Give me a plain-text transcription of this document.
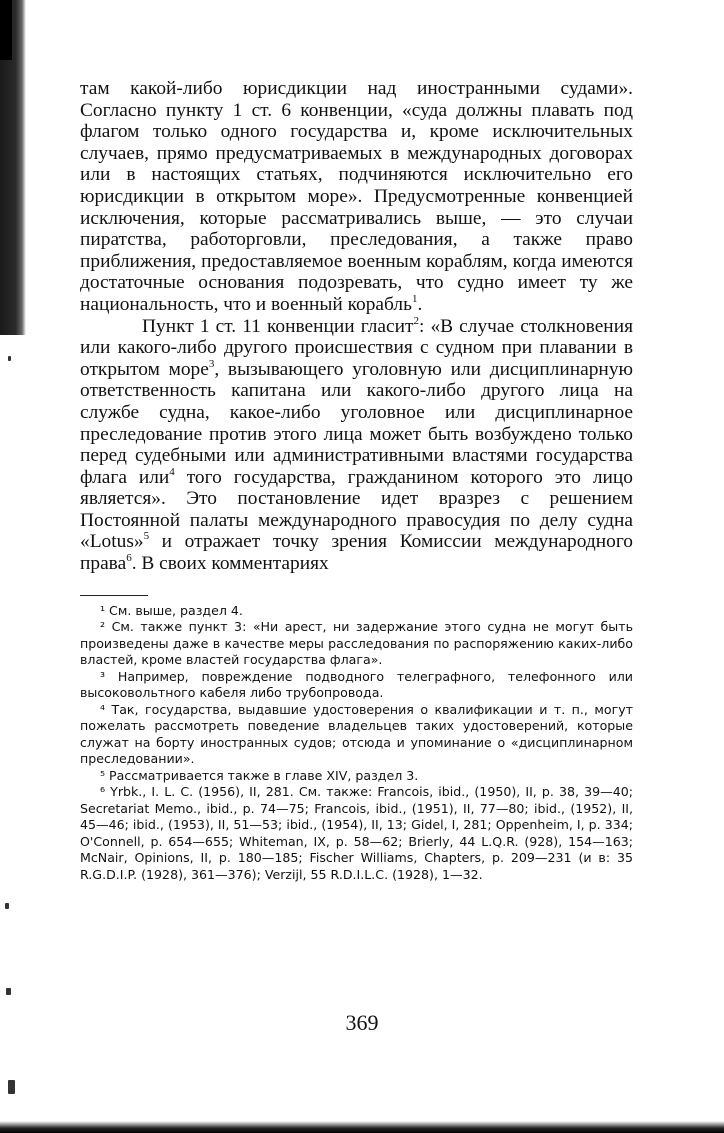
там какой-либо юрисдикции над иностранными судами». Согласно пункту 1 ст. 6 конвенции, «суда должны плавать под флагом только одного государства и, кроме исключительных случаев, прямо предусматриваемых в международных договорах или в настоящих статьях, подчиняются исключительно его юрисдикции в открытом море». Предусмотренные конвенцией исключения, которые рассматривались выше, — это случаи пиратства, работорговли, преследования, а также право приближения, предоставляемое военным кораблям, когда имеются достаточные основания подозревать, что судно имеет ту же национальность, что и военный корабль$^1$.

Пункт 1 ст. 11 конвенции гласит$^2$: «В случае столкновения или какого-либо другого происшествия с судном при плавании в открытом море$^3$, вызывающего уголовную или дисциплинарную ответственность капитана или какого-либо другого лица на службе судна, какое-либо уголовное или дисциплинарное преследование против этого лица может быть возбуждено только перед судебными или административными властями государства флага или$^4$ того государства, гражданином которого это лицо является». Это постановление идет вразрез с решением Постоянной палаты международного правосудия по делу судна «Lotus»$^5$ и отражает точку зрения Комиссии международного права$^6$. В своих комментариях

¹ См. выше, раздел 4.

² См. также пункт 3: «Ни арест, ни задержание этого судна не могут быть произведены даже в качестве меры расследования по распоряжению каких-либо властей, кроме властей государства флага».

³ Например, повреждение подводного телеграфного, телефонного или высоковольтного кабеля либо трубопровода.

⁴ Так, государства, выдавшие удостоверения о квалификации и т. п., могут пожелать рассмотреть поведение владельцев таких удостоверений, которые служат на борту иностранных судов; отсюда и упоминание о «дисциплинарном преследовании».

⁵ Рассматривается также в главе XIV, раздел 3.

⁶ Yrbk., I. L. C. (1956), II, 281. См. также: Francois, ibid., (1950), II, p. 38, 39—40; Secretariat Memo., ibid., p. 74—75; Francois, ibid., (1951), II, 77—80; ibid., (1952), II, 45—46; ibid., (1953), II, 51—53; ibid., (1954), II, 13; Gidel, I, 281; Oppenheim, I, p. 334; O'Connell, p. 654—655; Whiteman, IX, p. 58—62; Brierly, 44 L.Q.R. (928), 154—163; McNair, Opinions, II, p. 180—185; Fischer Williams, Chapters, p. 209—231 (и в: 35 R.G.D.I.P. (1928), 361—376); Verzijl, 55 R.D.I.L.C. (1928), 1—32.

369
